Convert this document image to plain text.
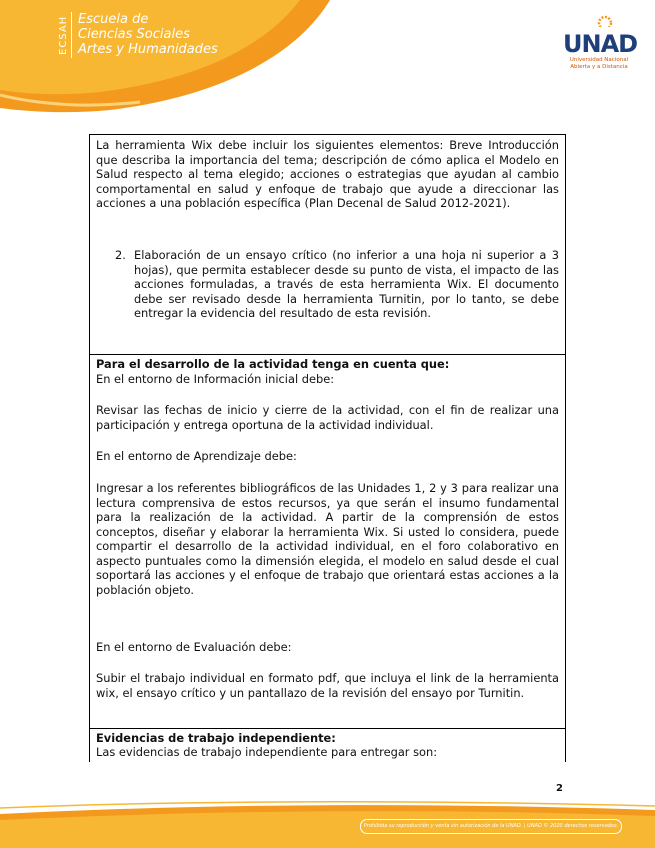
ECSAH Escuela de
Ciencias Sociales
Artes y Humanidades	UNAD
Universidad Nacional
Abierta y a Distancia
La herramienta Wix debe incluir los siguientes elementos: Breve Introducción que describa la importancia del tema; descripción de cómo aplica el Modelo en Salud respecto al tema elegido; acciones o estrategias que ayudan al cambio comportamental en salud y enfoque de trabajo que ayude a direccionar las acciones a una población específica (Plan Decenal de Salud 2012-2021).
2. Elaboración de un ensayo crítico (no inferior a una hoja ni superior a 3 hojas), que permita establecer desde su punto de vista, el impacto de las acciones formuladas, a través de esta herramienta Wix. El documento debe ser revisado desde la herramienta Turnitin, por lo tanto, se debe entregar la evidencia del resultado de esta revisión.
Para el desarrollo de la actividad tenga en cuenta que:
En el entorno de Información inicial debe:
Revisar las fechas de inicio y cierre de la actividad, con el fin de realizar una participación y entrega oportuna de la actividad individual.
En el entorno de Aprendizaje debe:
Ingresar a los referentes bibliográficos de las Unidades 1, 2 y 3 para realizar una lectura comprensiva de estos recursos, ya que serán el insumo fundamental para la realización de la actividad. A partir de la comprensión de estos conceptos, diseñar y elaborar la herramienta Wix. Si usted lo considera, puede compartir el desarrollo de la actividad individual, en el foro colaborativo en aspecto puntuales como la dimensión elegida, el modelo en salud desde el cual soportará las acciones y el enfoque de trabajo que orientará estas acciones a la población objeto.
En el entorno de Evaluación debe:
Subir el trabajo individual en formato pdf, que incluya el link de la herramienta wix, el ensayo crítico y un pantallazo de la revisión del ensayo por Turnitin.
Evidencias de trabajo independiente:
Las evidencias de trabajo independiente para entregar son:
2
Prohibida su reproducción y venta sin autorización de la UNAD. | UNAD © 2020 derechos reservados.
